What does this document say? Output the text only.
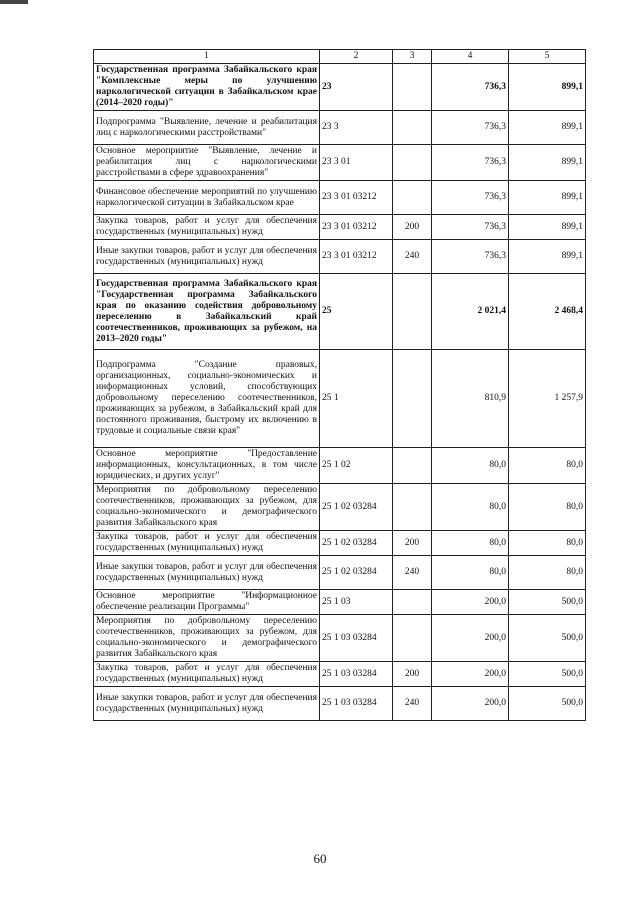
1	2	3	4	5
Государственная программа Забайкальского края "Комплексные меры по улучшению наркологической ситуации в Забайкальском крае (2014–2020 годы)"	23		736,3	899,1
Подпрограмма "Выявление, лечение и реабилитация лиц с наркологическими расстройствами"	23 3		736,3	899,1
Основное мероприятие "Выявление, лечение и реабилитация лиц с наркологическими расстройствами в сфере здравоохранения"	23 3 01		736,3	899,1
Финансовое обеспечение мероприятий по улучшению наркологической ситуации в Забайкальском крае	23 3 01 03212		736,3	899,1
Закупка товаров, работ и услуг для обеспечения государственных (муниципальных) нужд	23 3 01 03212	200	736,3	899,1
Иные закупки товаров, работ и услуг для обеспечения государственных (муниципальных) нужд	23 3 01 03212	240	736,3	899,1
Государственная программа Забайкальского края "Государственная программа Забайкальского края по оказанию содействия добровольному переселению в Забайкальский край соотечественников, проживающих за рубежом, на 2013–2020 годы"	25		2 021,4	2 468,4
Подпрограмма "Создание правовых, организационных, социально-экономических и информационных условий, способствующих добровольному переселению соотечественников, проживающих за рубежом, в Забайкальский край для постоянного проживания, быстрому их включению в трудовые и социальные связи края"	25 1		810,9	1 257,9
Основное мероприятие "Предоставление информационных, консультационных, в том числе юридических, и других услуг"	25 1 02		80,0	80,0
Мероприятия по добровольному переселению соотечественников, проживающих за рубежом, для социально-экономического и демографического развития Забайкальского края	25 1 02 03284		80,0	80,0
Закупка товаров, работ и услуг для обеспечения государственных (муниципальных) нужд	25 1 02 03284	200	80,0	80,0
Иные закупки товаров, работ и услуг для обеспечения государственных (муниципальных) нужд	25 1 02 03284	240	80,0	80,0
Основное мероприятие "Информационное обеспечение реализации Программы"	25 1 03		200,0	500,0
Мероприятия по добровольному переселению соотечественников, проживающих за рубежом, для социально-экономического и демографического развития Забайкальского края	25 1 03 03284		200,0	500,0
Закупка товаров, работ и услуг для обеспечения государственных (муниципальных) нужд	25 1 03 03284	200	200,0	500,0
Иные закупки товаров, работ и услуг для обеспечения государственных (муниципальных) нужд	25 1 03 03284	240	200,0	500,0
60
